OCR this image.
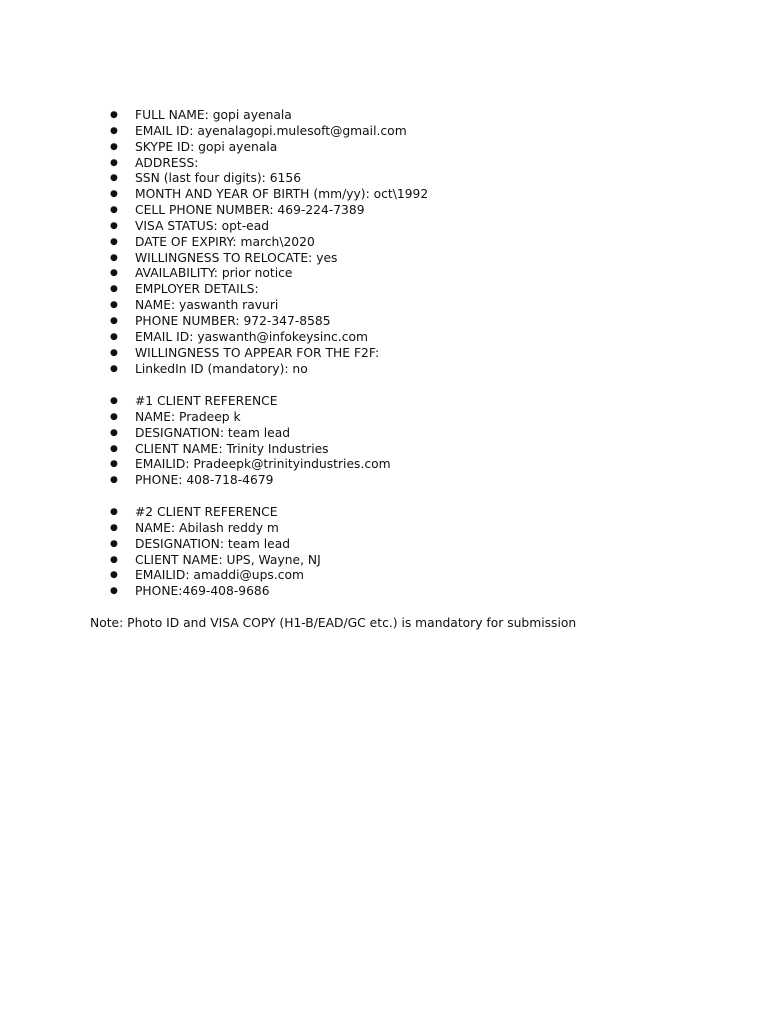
● FULL NAME: gopi ayenala
● EMAIL ID: ayenalagopi.mulesoft@gmail.com
● SKYPE ID: gopi ayenala
● ADDRESS:
● SSN (last four digits): 6156
● MONTH AND YEAR OF BIRTH (mm/yy): oct\1992
● CELL PHONE NUMBER: 469-224-7389
● VISA STATUS: opt-ead
● DATE OF EXPIRY: march\2020
● WILLINGNESS TO RELOCATE: yes
● AVAILABILITY: prior notice
● EMPLOYER DETAILS:
● NAME: yaswanth ravuri
● PHONE NUMBER: 972-347-8585
● EMAIL ID: yaswanth@infokeysinc.com
● WILLINGNESS TO APPEAR FOR THE F2F:
● LinkedIn ID (mandatory): no
● #1 CLIENT REFERENCE
● NAME: Pradeep k
● DESIGNATION: team lead
● CLIENT NAME: Trinity Industries
● EMAILID: Pradeepk@trinityindustries.com
● PHONE: 408-718-4679
● #2 CLIENT REFERENCE
● NAME: Abilash reddy m
● DESIGNATION: team lead
● CLIENT NAME: UPS, Wayne, NJ
● EMAILID: amaddi@ups.com
● PHONE:469-408-9686
Note: Photo ID and VISA COPY (H1-B/EAD/GC etc.) is mandatory for submission
